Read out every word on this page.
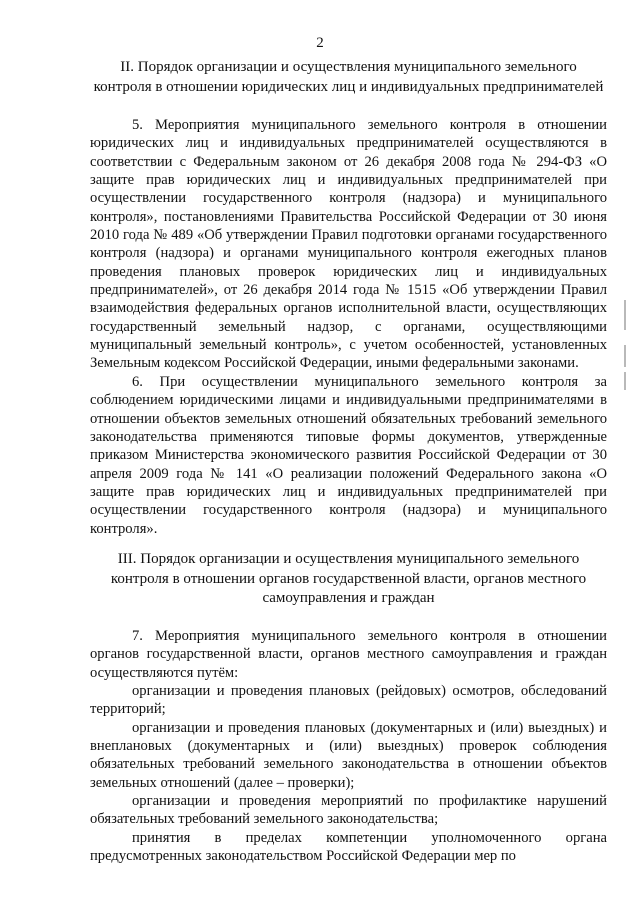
2
II. Порядок организации и осуществления муниципального земельного
контроля в отношении юридических лиц и индивидуальных предпринимателей

5. Мероприятия муниципального земельного контроля в отношении юридических лиц и индивидуальных предпринимателей осуществляются в соответствии с Федеральным законом от 26 декабря 2008 года № 294-ФЗ «О защите прав юридических лиц и индивидуальных предпринимателей при осуществлении государственного контроля (надзора) и муниципального контроля», постановлениями Правительства Российской Федерации от 30 июня 2010 года № 489 «Об утверждении Правил подготовки органами государственного контроля (надзора) и органами муниципального контроля ежегодных планов проведения плановых проверок юридических лиц и индивидуальных предпринимателей», от 26 декабря 2014 года № 1515 «Об утверждении Правил взаимодействия федеральных органов исполнительной власти, осуществляющих государственный земельный надзор, с органами, осуществляющими муниципальный земельный контроль», с учетом особенностей, установленных Земельным кодексом Российской Федерации, иными федеральными законами.

6. При осуществлении муниципального земельного контроля за соблюдением юридическими лицами и индивидуальными предпринимателями в отношении объектов земельных отношений обязательных требований земельного законодательства применяются типовые формы документов, утвержденные приказом Министерства экономического развития Российской Федерации от 30 апреля 2009 года № 141 «О реализации положений Федерального закона «О защите прав юридических лиц и индивидуальных предпринимателей при осуществлении государственного контроля (надзора) и муниципального контроля».

III. Порядок организации и осуществления муниципального земельного
контроля в отношении органов государственной власти, органов местного
самоуправления и граждан

7. Мероприятия муниципального земельного контроля в отношении органов государственной власти, органов местного самоуправления и граждан осуществляются путём:

организации и проведения плановых (рейдовых) осмотров, обследований территорий;

организации и проведения плановых (документарных и (или) выездных) и внеплановых (документарных и (или) выездных) проверок соблюдения обязательных требований земельного законодательства в отношении объектов земельных отношений (далее – проверки);

организации и проведения мероприятий по профилактике нарушений обязательных требований земельного законодательства;

принятия в пределах компетенции уполномоченного органа предусмотренных законодательством Российской Федерации мер по
